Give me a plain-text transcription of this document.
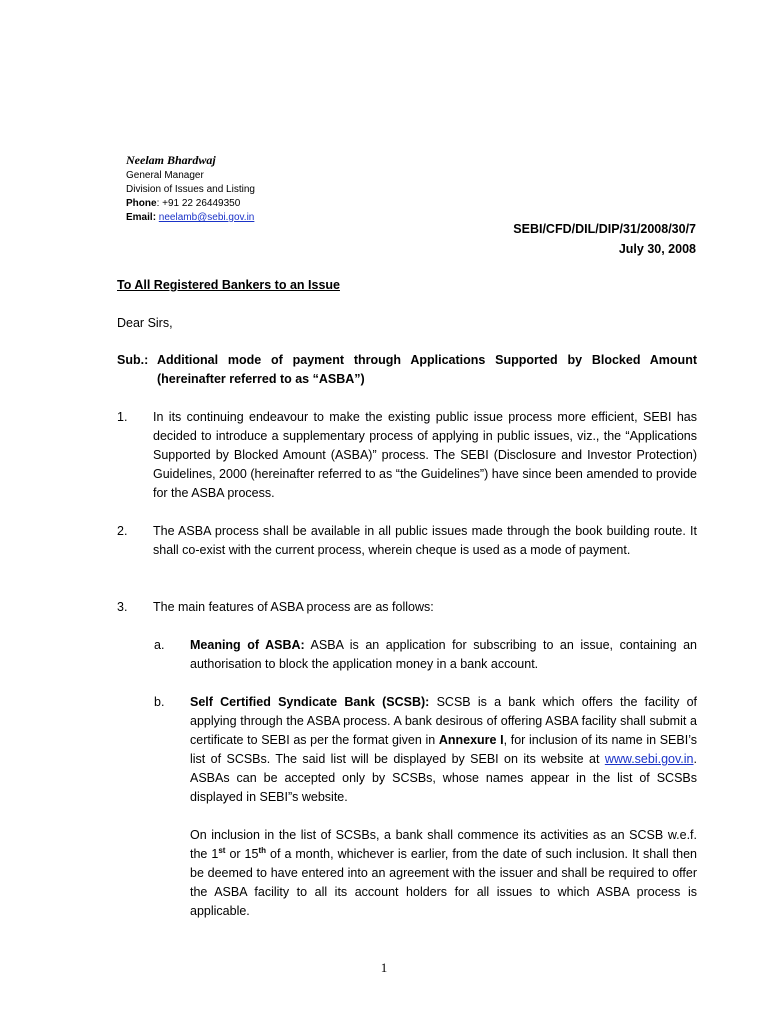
Neelam Bhardwaj
General Manager
Division of Issues and Listing
Phone: +91 22 26449350
Email: neelamb@sebi.gov.in
SEBI/CFD/DIL/DIP/31/2008/30/7
July 30, 2008
To All Registered Bankers to an Issue
Dear Sirs,
Sub.: Additional mode of payment through Applications Supported by Blocked Amount (hereinafter referred to as “ASBA”)
1.	In its continuing endeavour to make the existing public issue process more efficient, SEBI has decided to introduce a supplementary process of applying in public issues, viz., the “Applications Supported by Blocked Amount (ASBA)” process. The SEBI (Disclosure and Investor Protection) Guidelines, 2000 (hereinafter referred to as “the Guidelines”) have since been amended to provide for the ASBA process.
2.	The ASBA process shall be available in all public issues made through the book building route. It shall co-exist with the current process, wherein cheque is used as a mode of payment.
3.	The main features of ASBA process are as follows:
a.	Meaning of ASBA: ASBA is an application for subscribing to an issue, containing an authorisation to block the application money in a bank account.
b.	Self Certified Syndicate Bank (SCSB): SCSB is a bank which offers the facility of applying through the ASBA process. A bank desirous of offering ASBA facility shall submit a certificate to SEBI as per the format given in Annexure I, for inclusion of its name in SEBI’s list of SCSBs. The said list will be displayed by SEBI on its website at www.sebi.gov.in. ASBAs can be accepted only by SCSBs, whose names appear in the list of SCSBs displayed in SEBI”s website.
On inclusion in the list of SCSBs, a bank shall commence its activities as an SCSB w.e.f. the 1st or 15th of a month, whichever is earlier, from the date of such inclusion. It shall then be deemed to have entered into an agreement with the issuer and shall be required to offer the ASBA facility to all its account holders for all issues to which ASBA process is applicable.
1
